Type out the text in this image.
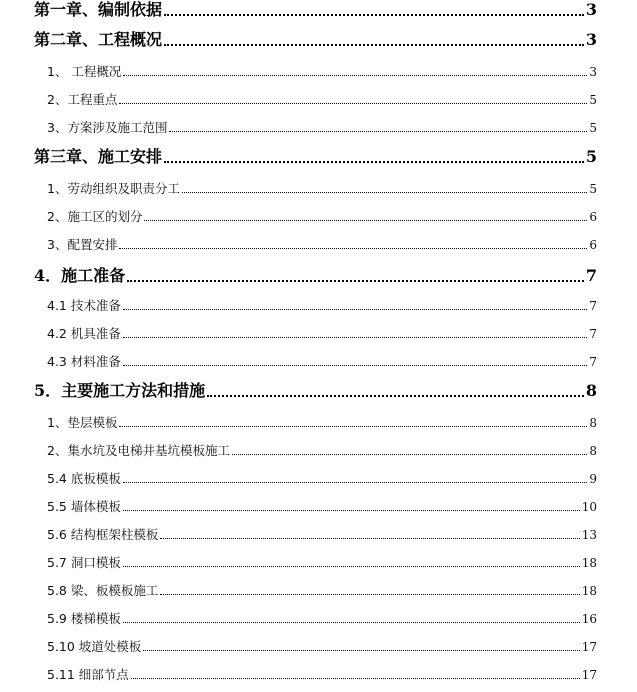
第一章、编制依据	3
第二章、工程概况	3
1、 工程概况	3
2、工程重点	5
3、方案涉及施工范围	5
第三章、施工安排	5
1、劳动组织及职责分工	5
2、施工区的划分	6
3、配置安排	6
4．施工准备	7
4.1 技术准备	7
4.2 机具准备	7
4.3 材料准备	7
5．主要施工方法和措施	8
1、垫层模板	8
2、集水坑及电梯井基坑模板施工	8
5.4 底板模板	9
5.5 墙体模板	10
5.6 结构框架柱模板	13
5.7 洞口模板	18
5.8 梁、板模板施工	18
5.9 楼梯模板	16
5.10 坡道处模板	17
5.11 细部节点	17
